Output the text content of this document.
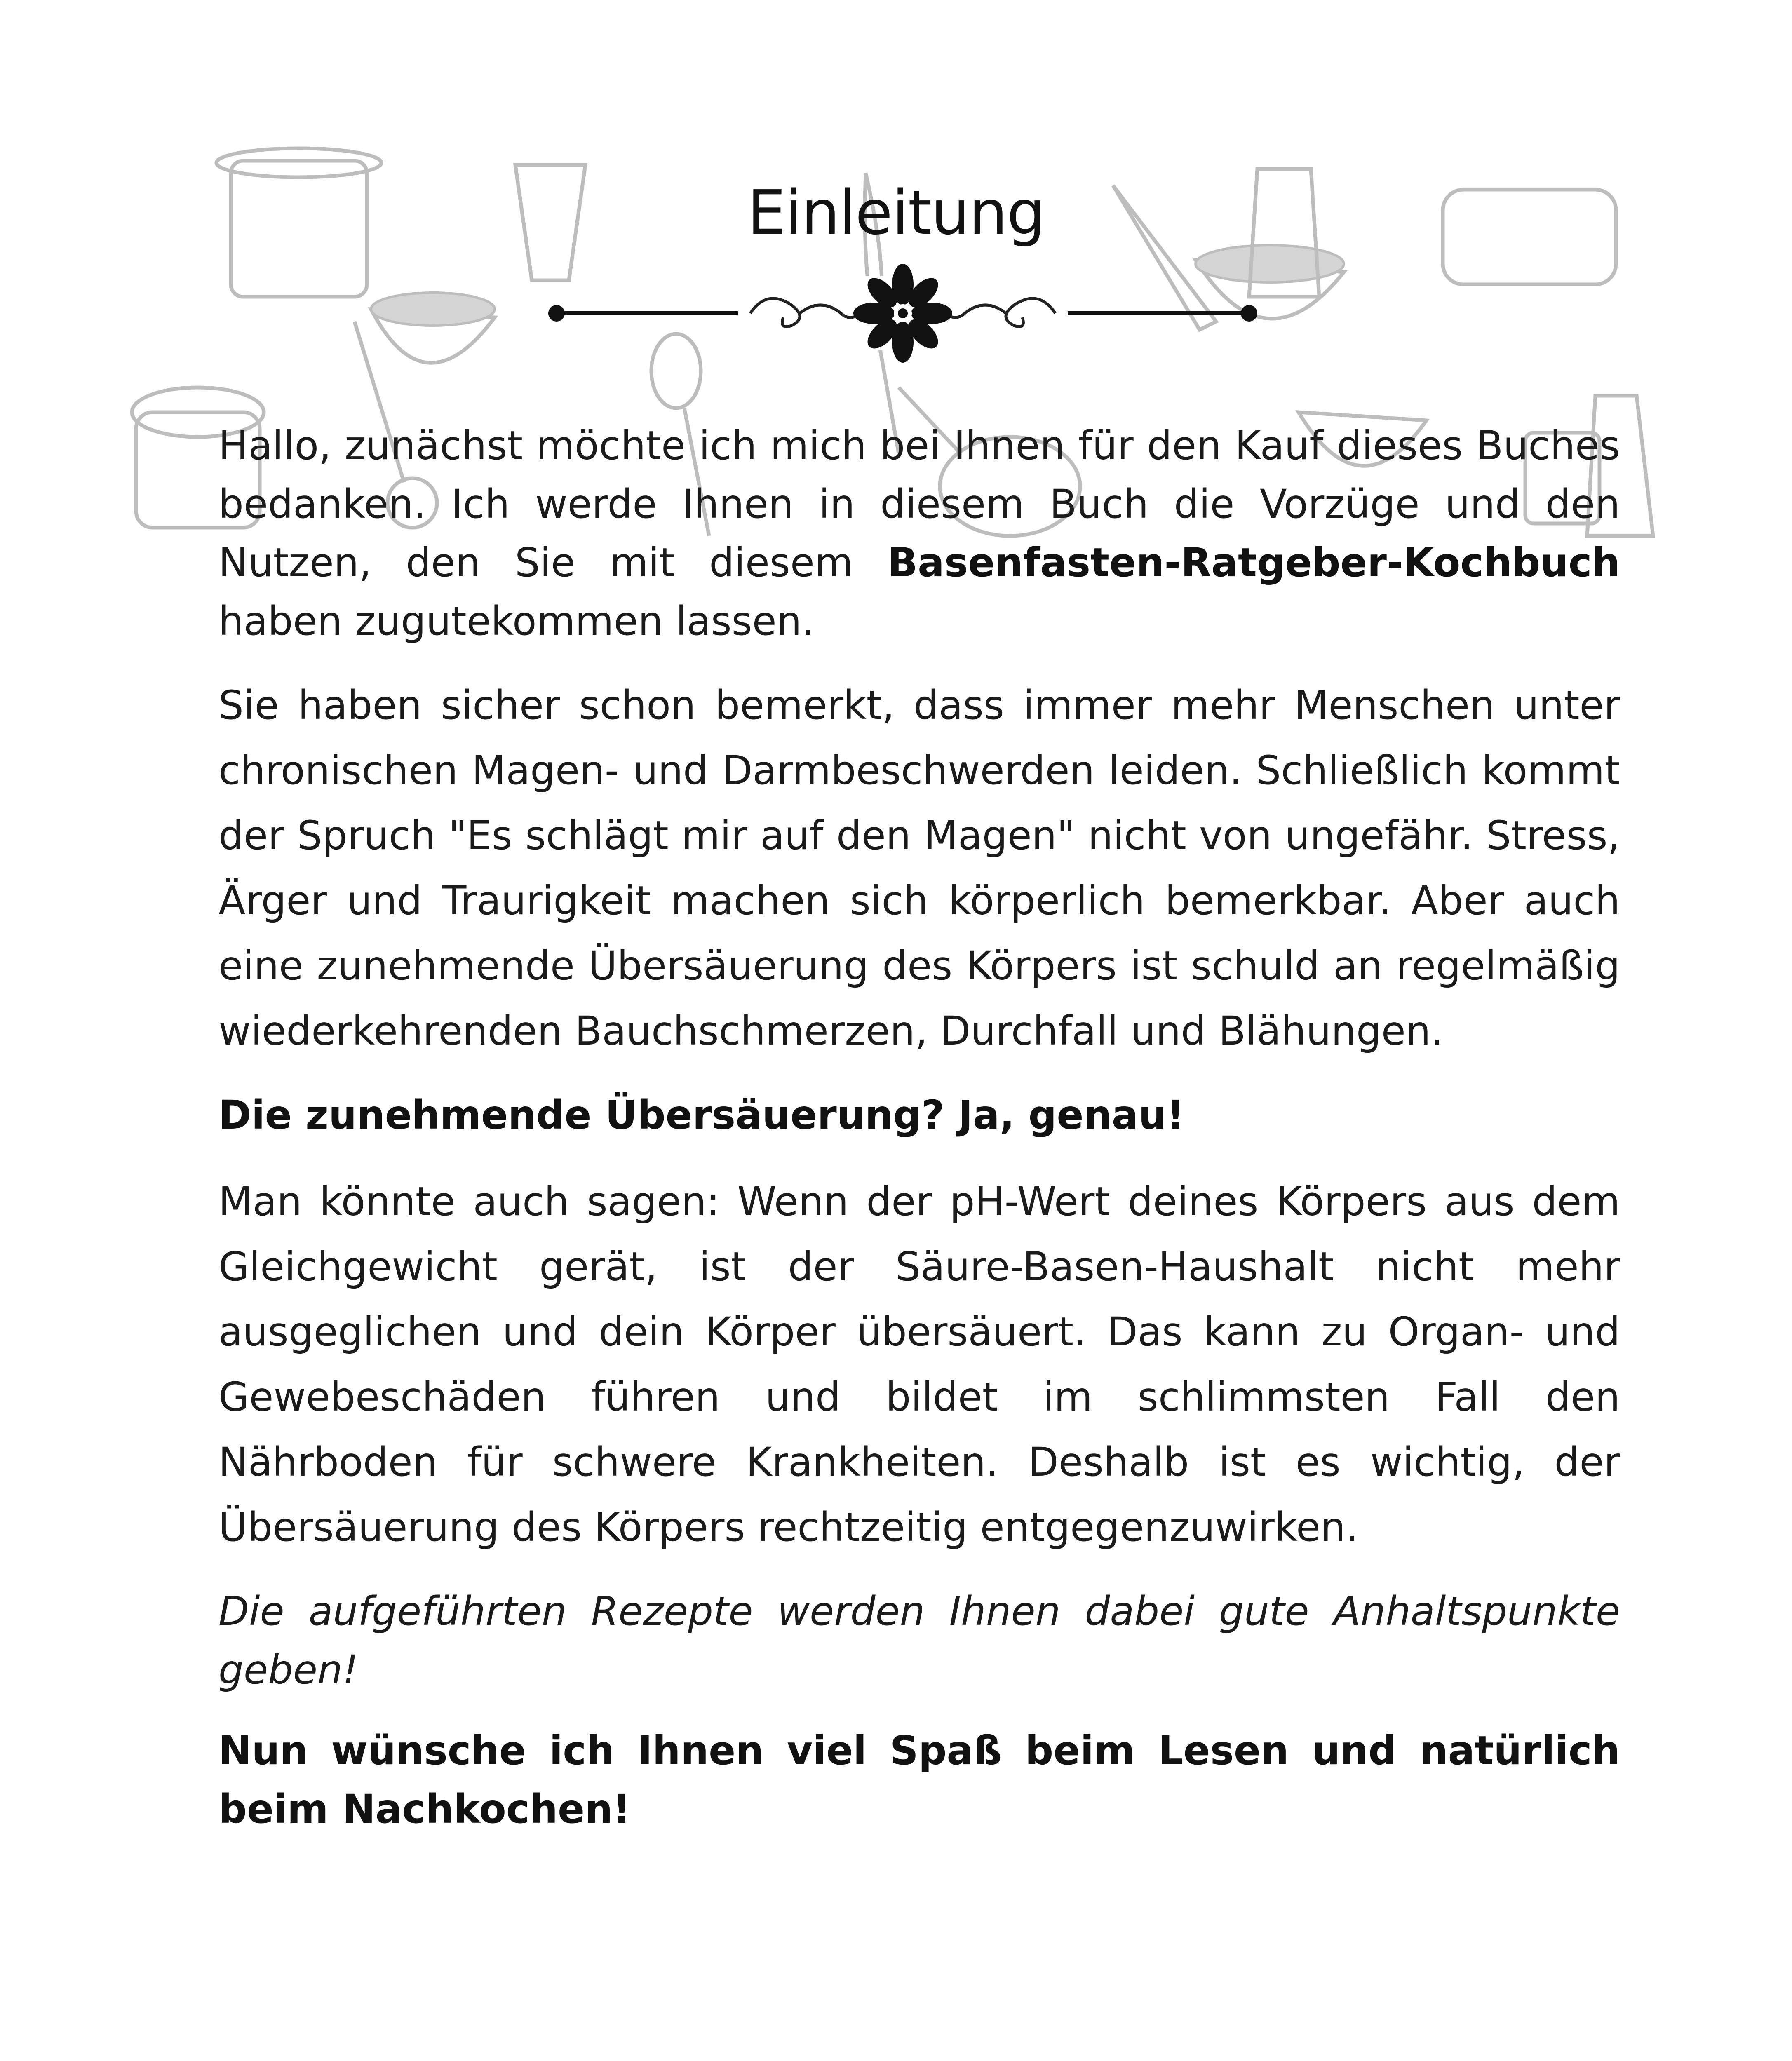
Einleitung

Hallo, zunächst möchte ich mich bei Ihnen für den Kauf dieses Buches bedanken. Ich werde Ihnen in diesem Buch die Vorzüge und den Nutzen, den Sie mit diesem Basenfasten-Ratgeber-Kochbuch haben zugutekommen lassen.

Sie haben sicher schon bemerkt, dass immer mehr Menschen unter chronischen Magen- und Darmbeschwerden leiden. Schließlich kommt der Spruch "Es schlägt mir auf den Magen" nicht von ungefähr. Stress, Ärger und Traurigkeit machen sich körperlich bemerkbar. Aber auch eine zunehmende Übersäuerung des Körpers ist schuld an regelmäßig wiederkehrenden Bauchschmerzen, Durchfall und Blähungen.

Die zunehmende Übersäuerung? Ja, genau!

Man könnte auch sagen: Wenn der pH-Wert deines Körpers aus dem Gleichgewicht gerät, ist der Säure-Basen-Haushalt nicht mehr ausgeglichen und dein Körper übersäuert. Das kann zu Organ- und Gewebeschäden führen und bildet im schlimmsten Fall den Nährboden für schwere Krankheiten. Deshalb ist es wichtig, der Übersäuerung des Körpers rechtzeitig entgegenzuwirken.

Die aufgeführten Rezepte werden Ihnen dabei gute Anhaltspunkte geben!

Nun wünsche ich Ihnen viel Spaß beim Lesen und natürlich beim Nachkochen!
